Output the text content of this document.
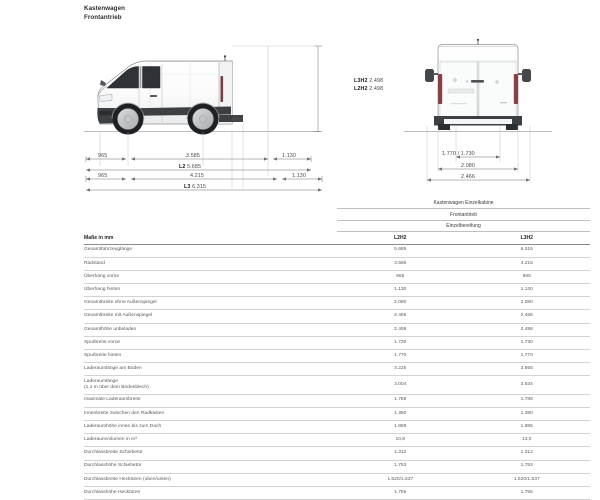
Kastenwagen
Frontantrieb
965	3.585	1.130
L2 5.685
965	4.215	1.130
L3 6.315
L3H2 2.498
L2H2 2.498
1.770 / 1.730
2.080
2.466
	Kastenwagen Einzelkabine	
	Frontantrieb	
	Einzelbereifung	
Maße in mm	L2H2	L3H2
Gesamtfahrzeuglänge	5.685	6.315
Radstand	3.585	4.215
Überhang vorne	965	965
Überhang hinten	1.130	1.130
Gesamtbreite ohne Außenspiegel	2.080	2.080
Gesamtbreite mit Außenspiegel	2.466	2.466
Gesamthöhe unbeladen	2.498	2.498
Spurbreite vorne	1.730	1.730
Spurbreite hinten	1.770	1.770
Laderaumlänge am Boden	3.225	3.855

Laderaumlänge
(1,1 m über dem Bodenblech)	3.004	3.634
maximale Laderaumbreite	1.789	1.789
Innenbreite zwischen den Radkästen	1.380	1.380
Laderaumhöhe innen bis zum Dach	1.885	1.885
Laderaumvolumen in m³	10,8	13,0
Durchlassbreite Schiebetür	1.312	1.312
Durchlasshöhe Schiebetür	1.753	1.753
Durchlassbreite Hecktüren (oben/unten)	1.520/1.537	1.520/1.537
Durchlasshöhe Hecktüren	1.755	1.755
